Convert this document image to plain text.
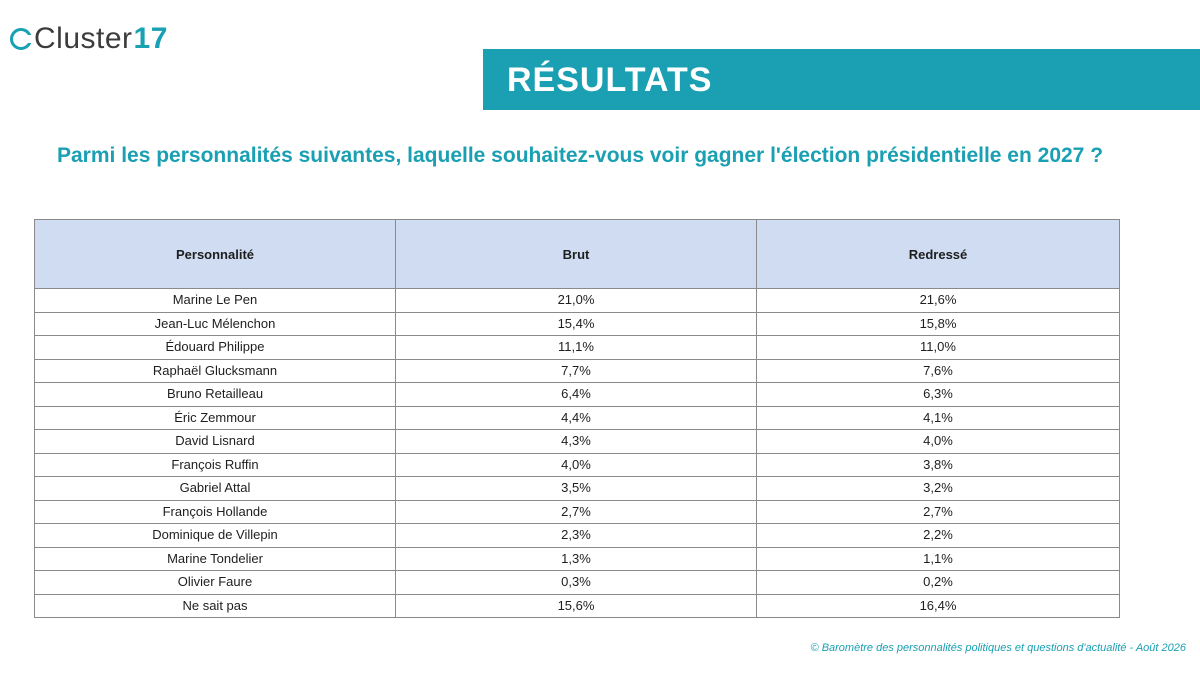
Cluster 17
RÉSULTATS
Parmi les personnalités suivantes, laquelle souhaitez-vous voir gagner l'élection présidentielle en 2027 ?
Personnalité	Brut	Redressé
Marine Le Pen	21,0%	21,6%
Jean-Luc Mélenchon	15,4%	15,8%
Édouard Philippe	11,1%	11,0%
Raphaël Glucksmann	7,7%	7,6%
Bruno Retailleau	6,4%	6,3%
Éric Zemmour	4,4%	4,1%
David Lisnard	4,3%	4,0%
François Ruffin	4,0%	3,8%
Gabriel Attal	3,5%	3,2%
François Hollande	2,7%	2,7%
Dominique de Villepin	2,3%	2,2%
Marine Tondelier	1,3%	1,1%
Olivier Faure	0,3%	0,2%
Ne sait pas	15,6%	16,4%
© Baromètre des personnalités politiques et questions d'actualité - Août 2026
